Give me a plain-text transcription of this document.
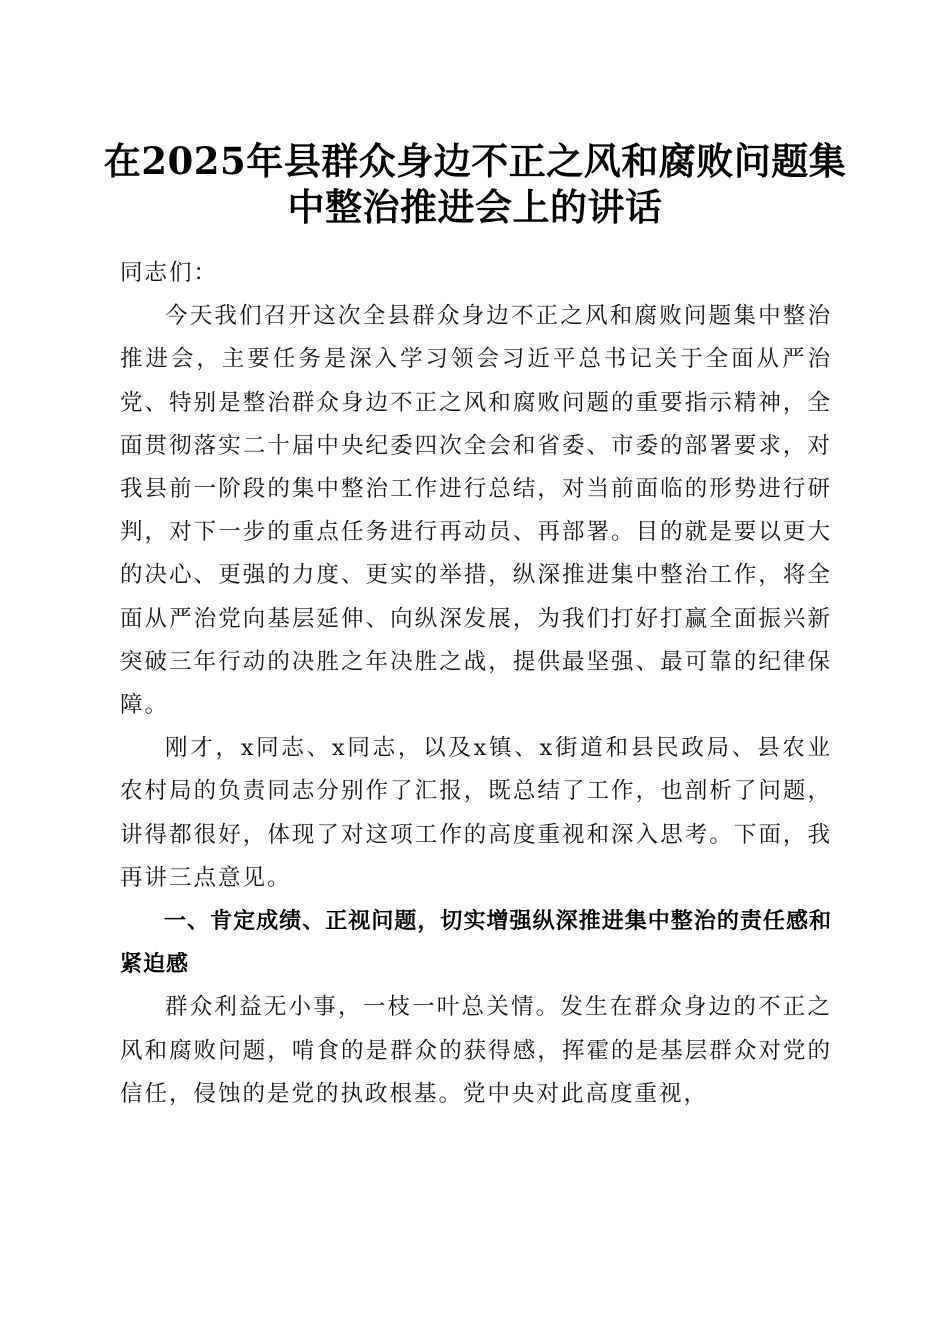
在2025年县群众身边不正之风和腐败问题集中整治推进会上的讲话

同志们：

今天我们召开这次全县群众身边不正之风和腐败问题集中整治推进会，主要任务是深入学习领会习近平总书记关于全面从严治党、特别是整治群众身边不正之风和腐败问题的重要指示精神，全面贯彻落实二十届中央纪委四次全会和省委、市委的部署要求，对我县前一阶段的集中整治工作进行总结，对当前面临的形势进行研判，对下一步的重点任务进行再动员、再部署。目的就是要以更大的决心、更强的力度、更实的举措，纵深推进集中整治工作，将全面从严治党向基层延伸、向纵深发展，为我们打好打赢全面振兴新突破三年行动的决胜之年决胜之战，提供最坚强、最可靠的纪律保障。

刚才，x同志、x同志，以及x镇、x街道和县民政局、县农业农村局的负责同志分别作了汇报，既总结了工作，也剖析了问题，讲得都很好，体现了对这项工作的高度重视和深入思考。下面，我再讲三点意见。

一、肯定成绩、正视问题，切实增强纵深推进集中整治的责任感和紧迫感

群众利益无小事，一枝一叶总关情。发生在群众身边的不正之风和腐败问题，啃食的是群众的获得感，挥霍的是基层群众对党的信任，侵蚀的是党的执政根基。党中央对此高度重视，
